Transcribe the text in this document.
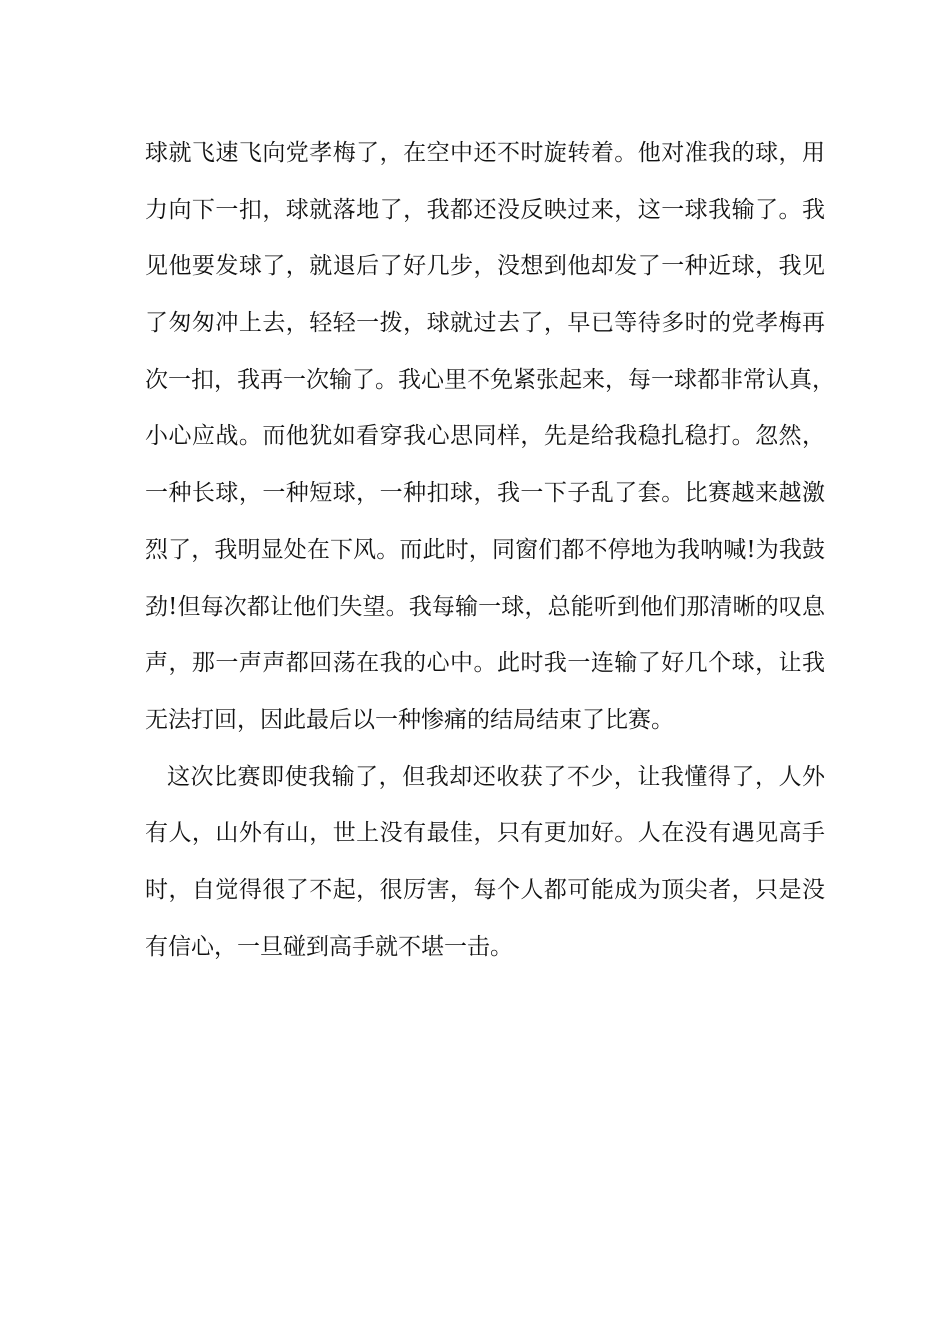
球就飞速飞向党孝梅了，在空中还不时旋转着。他对准我的球，用
力向下一扣，球就落地了，我都还没反映过来，这一球我输了。我
见他要发球了，就退后了好几步，没想到他却发了一种近球，我见
了匆匆冲上去，轻轻一拨，球就过去了，早已等待多时的党孝梅再
次一扣，我再一次输了。我心里不免紧张起来，每一球都非常认真，
小心应战。而他犹如看穿我心思同样，先是给我稳扎稳打。忽然，
一种长球，一种短球，一种扣球，我一下子乱了套。比赛越来越激
烈了，我明显处在下风。而此时，同窗们都不停地为我呐喊!为我鼓
劲!但每次都让他们失望。我每输一球，总能听到他们那清晰的叹息
声，那一声声都回荡在我的心中。此时我一连输了好几个球，让我
无法打回，因此最后以一种惨痛的结局结束了比赛。
这次比赛即使我输了，但我却还收获了不少，让我懂得了，人外
有人，山外有山，世上没有最佳，只有更加好。人在没有遇见高手
时，自觉得很了不起，很厉害，每个人都可能成为顶尖者，只是没
有信心，一旦碰到高手就不堪一击。
